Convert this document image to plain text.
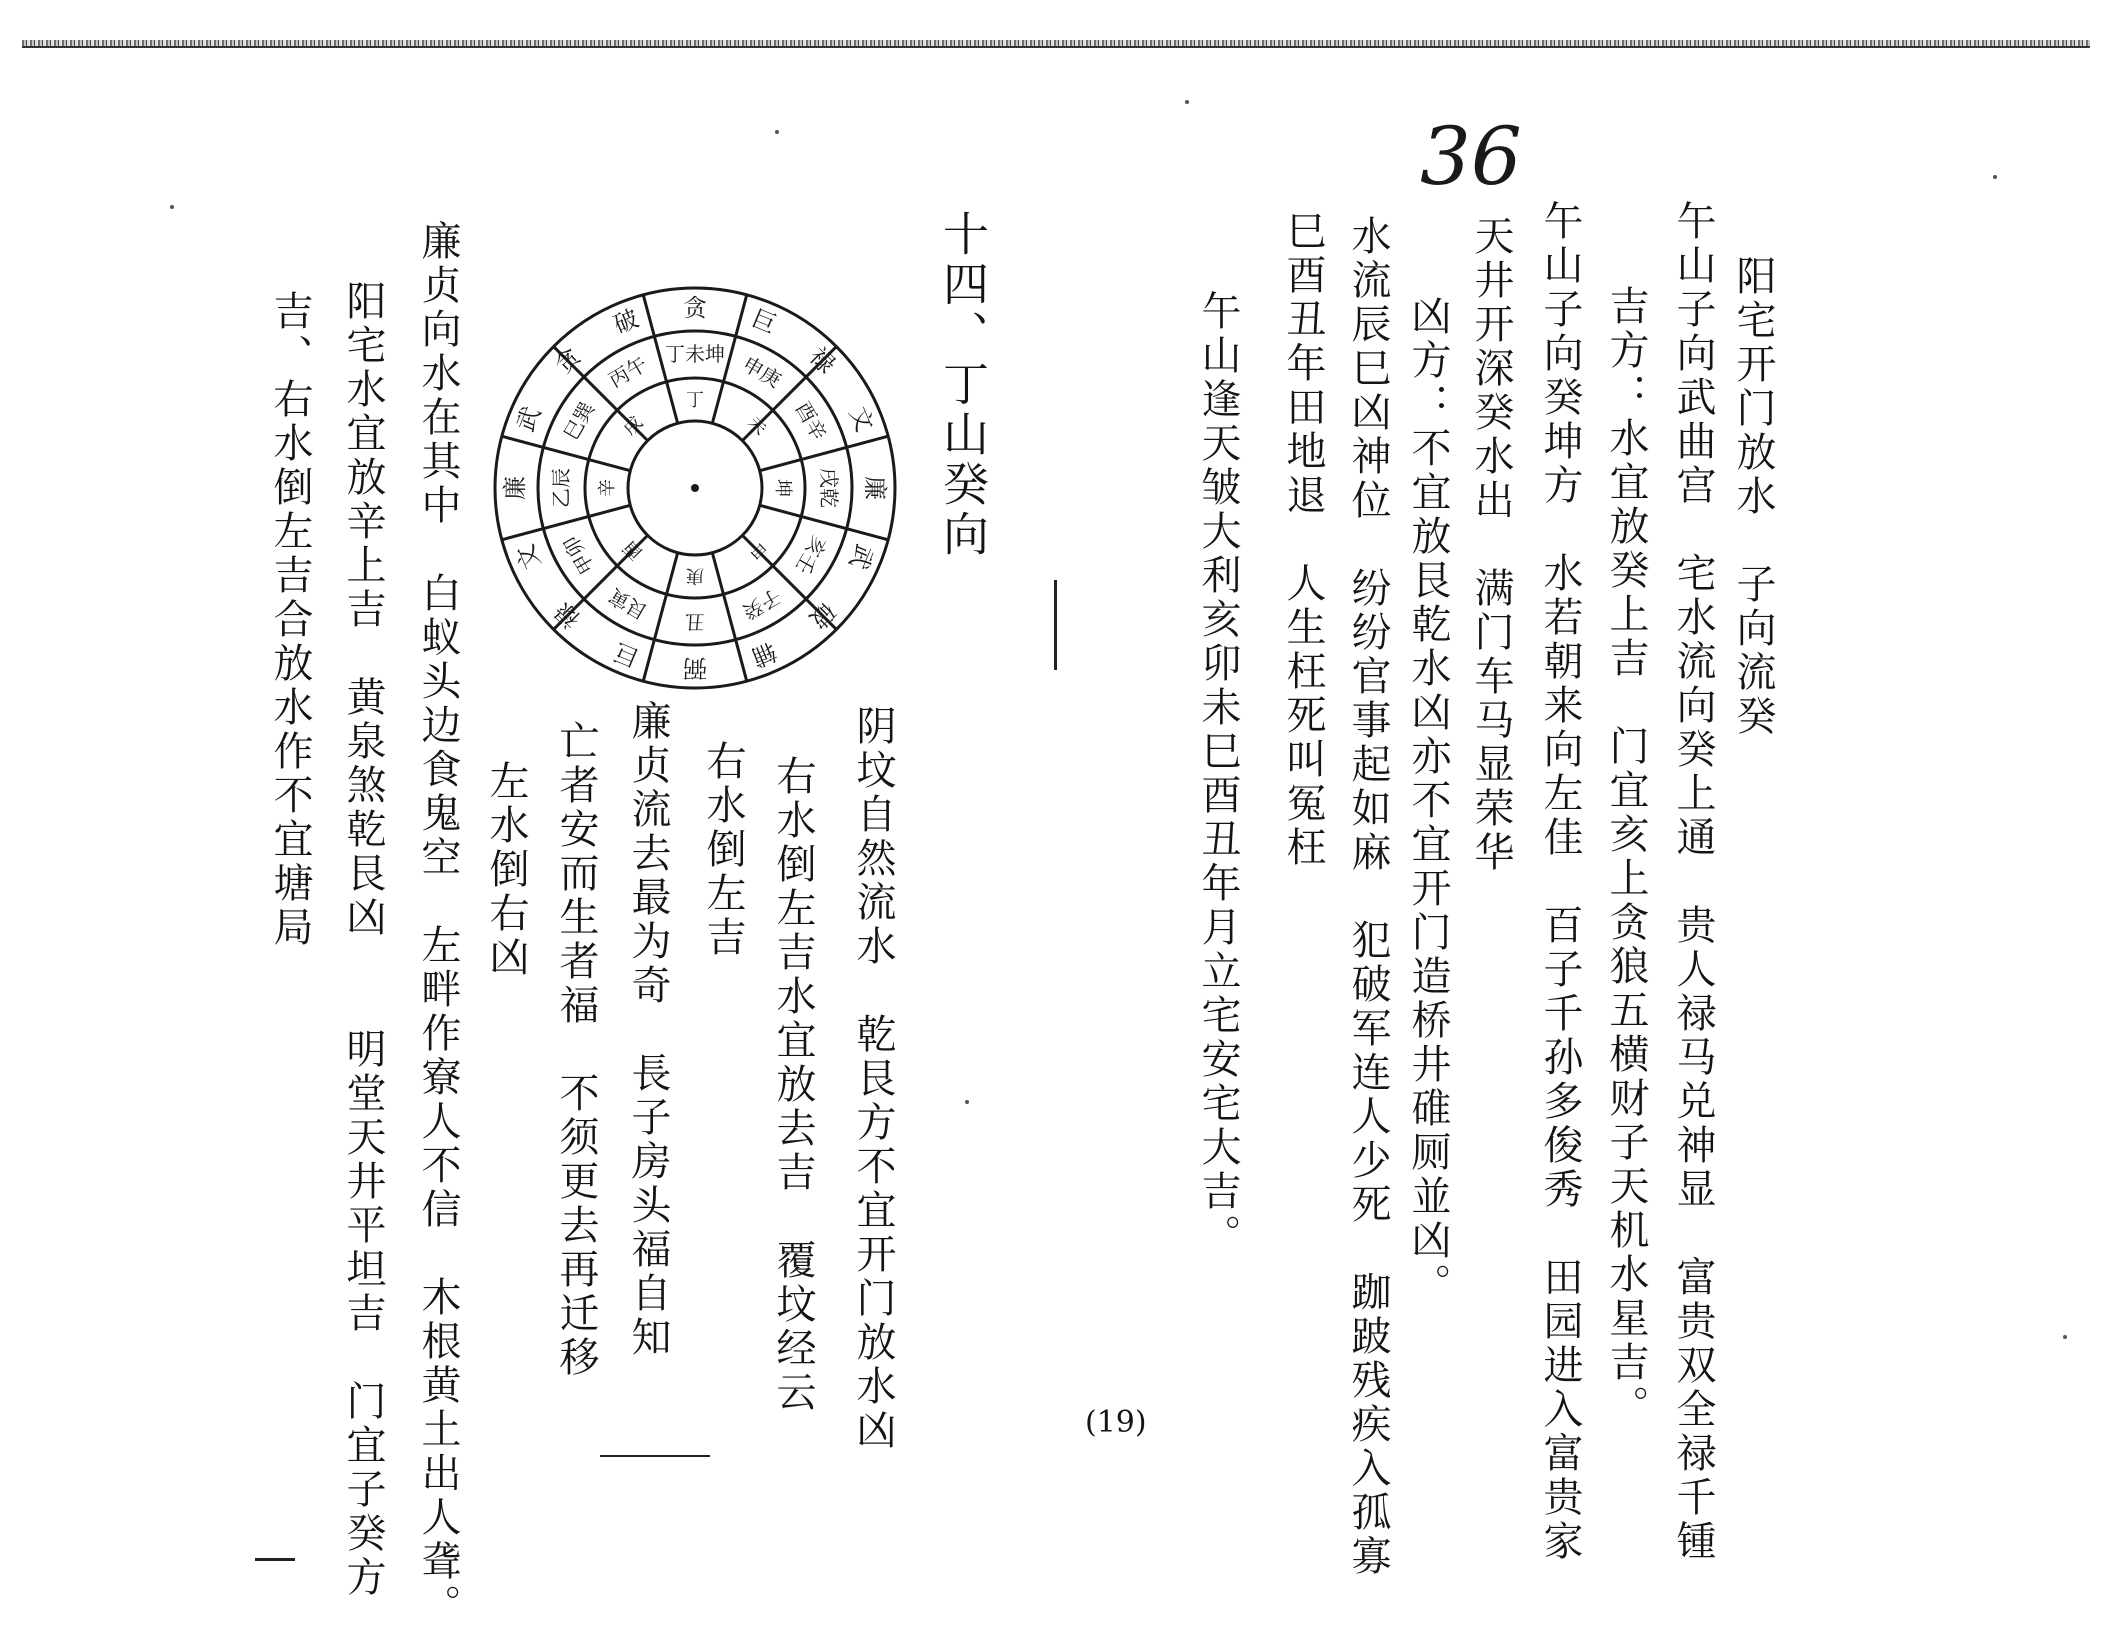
36
阳宅开门放水　子向流癸
午山子向武曲宫　宅水流向癸上通　贵人禄马兑神显　富贵双全禄千锺
吉方：水宜放癸上吉　门宜亥上贪狼五横财子天机水星吉。
午山子向癸坤方　水若朝来向左佳　百子千孙多俊秀　田园进入富贵家
天井开深癸水出　满门车马显荣华
凶方：不宜放艮乾水凶亦不宜开门造桥井碓厕並凶。
水流辰巳凶神位　纷纷官事起如麻　犯破军连人少死　跏跛残疾入孤寡
巳酉丑年田地退　人生枉死叫冤枉
午山逢天皱大利亥卯未巳酉丑年月立宅安宅大吉。
(19)
十四、丁山癸向
贪 巨
禄
文
廉
武
破
辅
弼
巨
禄
文
廉
武
贪
破
丁未坤 申庚
酉辛
戌乾
亥壬
子癸
丑
艮寅
甲卯
乙辰
巳巽
丙午
丁
未
坤
申
庚
酉
辛
戌
阴坟自然流水　乾艮方不宜开门放水凶
右水倒左吉水宜放去吉　覆坟经云
右水倒左吉
廉贞流去最为奇　長子房头福自知
亡者安而生者福　不须更去再迁移
左水倒右凶
廉贞向水在其中　白蚁头边食鬼空　左畔作寮人不信　木根黄土出人聋。
阳宅水宜放辛上吉　黄泉煞乾艮凶　　明堂天井平坦吉　门宜子癸方
吉、右水倒左吉合放水作不宜塘局
